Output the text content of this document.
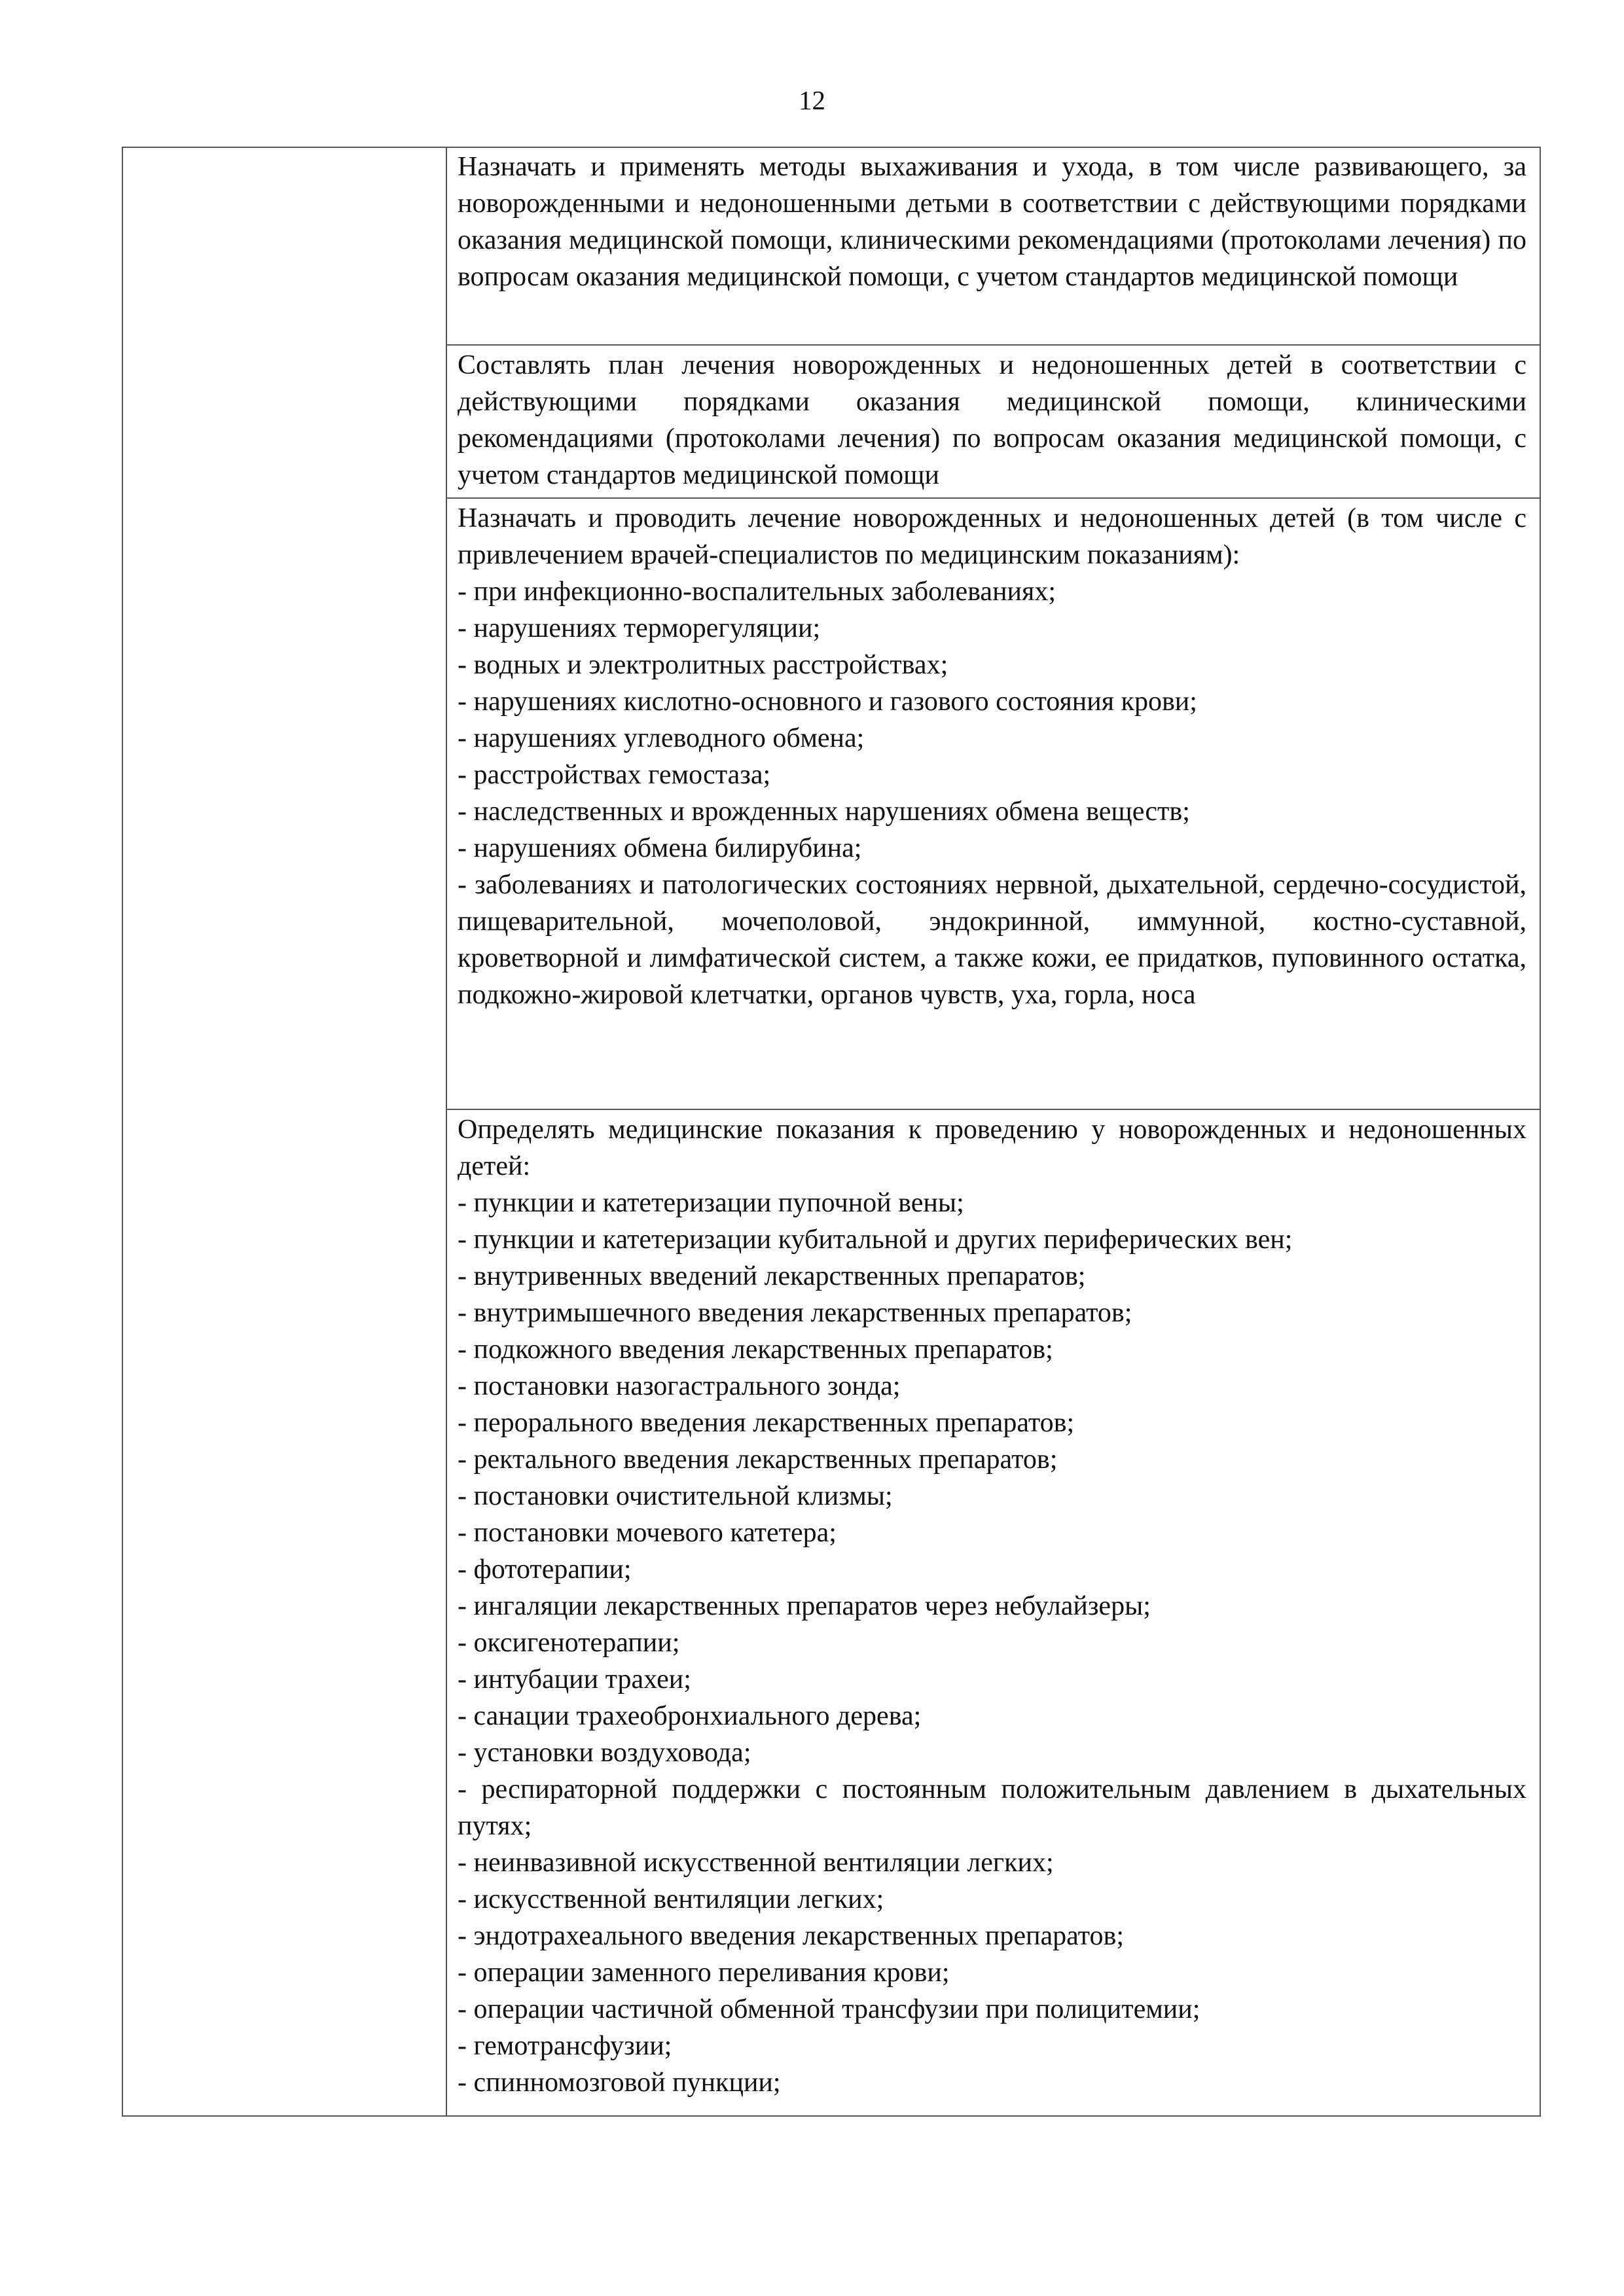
12

Назначать и применять методы выхаживания и ухода, в том числе развивающего, за новорожденными и недоношенными детьми в соответствии с действующими порядками оказания медицинской помощи, клиническими рекомендациями (протоколами лечения) по вопросам оказания медицинской помощи, с учетом стандартов медицинской помощи

Составлять план лечения новорожденных и недоношенных детей в соответствии с действующими порядками оказания медицинской помощи, клиническими рекомендациями (протоколами лечения) по вопросам оказания медицинской помощи, с учетом стандартов медицинской помощи

Назначать и проводить лечение новорожденных и недоношенных детей (в том числе с привлечением врачей-специалистов по медицинским показаниям):

- при инфекционно-воспалительных заболеваниях;
- нарушениях терморегуляции;
- водных и электролитных расстройствах;
- нарушениях кислотно-основного и газового состояния крови;
- нарушениях углеводного обмена;
- расстройствах гемостаза;
- наследственных и врожденных нарушениях обмена веществ;
- нарушениях обмена билирубина;

- заболеваниях и патологических состояниях нервной, дыхательной, сердечно-сосудистой, пищеварительной, мочеполовой, эндокринной, иммунной, костно-суставной, кроветворной и лимфатической систем, а также кожи, ее придатков, пуповинного остатка, подкожно-жировой клетчатки, органов чувств, уха, горла, носа

Определять медицинские показания к проведению у новорожденных и недоношенных детей:

- пункции и катетеризации пупочной вены;
- пункции и катетеризации кубитальной и других периферических вен;
- внутривенных введений лекарственных препаратов;
- внутримышечного введения лекарственных препаратов;
- подкожного введения лекарственных препаратов;
- постановки назогастрального зонда;
- перорального введения лекарственных препаратов;
- ректального введения лекарственных препаратов;
- постановки очистительной клизмы;
- постановки мочевого катетера;
- фототерапии;
- ингаляции лекарственных препаратов через небулайзеры;
- оксигенотерапии;
- интубации трахеи;
- санации трахеобронхиального дерева;
- установки воздуховода;

- респираторной поддержки с постоянным положительным давлением в дыхательных путях;

- неинвазивной искусственной вентиляции легких;
- искусственной вентиляции легких;
- эндотрахеального введения лекарственных препаратов;
- операции заменного переливания крови;
- операции частичной обменной трансфузии при полицитемии;
- гемотрансфузии;
- спинномозговой пункции;
